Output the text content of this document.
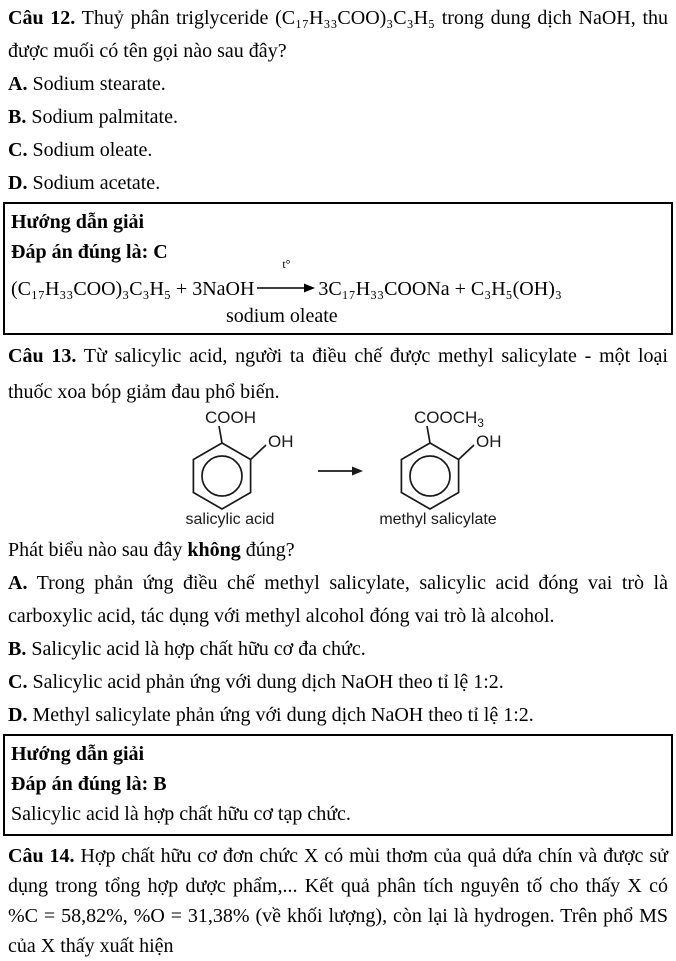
Câu 12. Thuỷ phân triglyceride (C₁₇H₃₃COO)₃C₃H₅ trong dung dịch NaOH, thu được muối có tên gọi nào sau đây?

A. Sodium stearate.
B. Sodium palmitate.
C. Sodium oleate.
D. Sodium acetate.

Hướng dẫn giải

Đáp án đúng là: C

(C₁₇H₃₃COO)₃C₃H₅ + 3NaOH
t°
3C₁₇H₃₃COONa + C₃H₅(OH)₃

sodium oleate

Câu 13. Từ salicylic acid, người ta điều chế được methyl salicylate - một loại thuốc xoa bóp giảm đau phổ biến.

COOH
OH
salicylic acid
$COOCH_3$
OH
methyl salicylate

Phát biểu nào sau đây không đúng?

A. Trong phản ứng điều chế methyl salicylate, salicylic acid đóng vai trò là carboxylic acid, tác dụng với methyl alcohol đóng vai trò là alcohol.

B. Salicylic acid là hợp chất hữu cơ đa chức.
C. Salicylic acid phản ứng với dung dịch NaOH theo tỉ lệ 1:2.
D. Methyl salicylate phản ứng với dung dịch NaOH theo tỉ lệ 1:2.

Hướng dẫn giải

Đáp án đúng là: B

Salicylic acid là hợp chất hữu cơ tạp chức.

Câu 14. Hợp chất hữu cơ đơn chức X có mùi thơm của quả dứa chín và được sử dụng trong tổng hợp dược phẩm,... Kết quả phân tích nguyên tố cho thấy X có %C = 58,82%, %O = 31,38% (về khối lượng), còn lại là hydrogen. Trên phổ MS của X thấy xuất hiện
